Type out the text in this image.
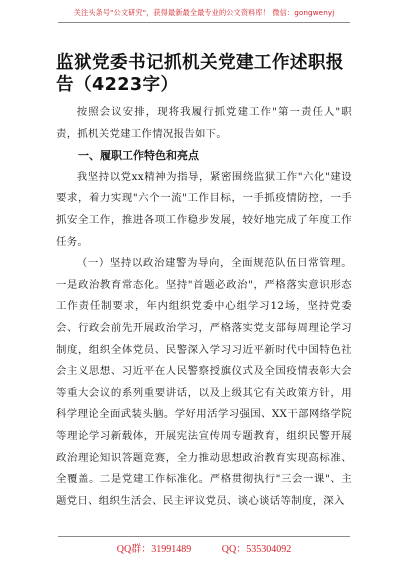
关注头条号"公文研究"，获得最新最全最专业的公文资料库！ 微信：gongwenyj
监狱党委书记抓机关党建工作述职报告（4223字）

按照会议安排，现将我履行抓党建工作"第一责任人"职责，抓机关党建工作情况报告如下。

一、履职工作特色和亮点

我坚持以党xx精神为指导，紧密围绕监狱工作"六化"建设要求，着力实现"六个一流"工作目标，一手抓疫情防控，一手抓安全工作，推进各项工作稳步发展，较好地完成了年度工作任务。

（一）坚持以政治建警为导向，全面规范队伍日常管理。一是政治教育常态化。坚持"首题必政治"，严格落实意识形态工作责任制要求，年内组织党委中心组学习12场，坚持党委会、行政会前先开展政治学习，严格落实党支部每周理论学习制度，组织全体党员、民警深入学习习近平新时代中国特色社会主义思想、习近平在人民警察授旗仪式及全国疫情表彰大会等重大会议的系列重要讲话，以及上级其它有关政策方针，用科学理论全面武装头脑。学好用活学习强国、XX干部网络学院等理论学习新载体，开展宪法宣传周专题教育，组织民警开展政治理论知识答题竞赛，全力推动思想政治教育实现高标准、全覆盖。二是党建工作标准化。严格贯彻执行"三会一课"、主题党日、组织生活会、民主评议党员、谈心谈话等制度，深入

QQ群：31991489	QQ：535304092
